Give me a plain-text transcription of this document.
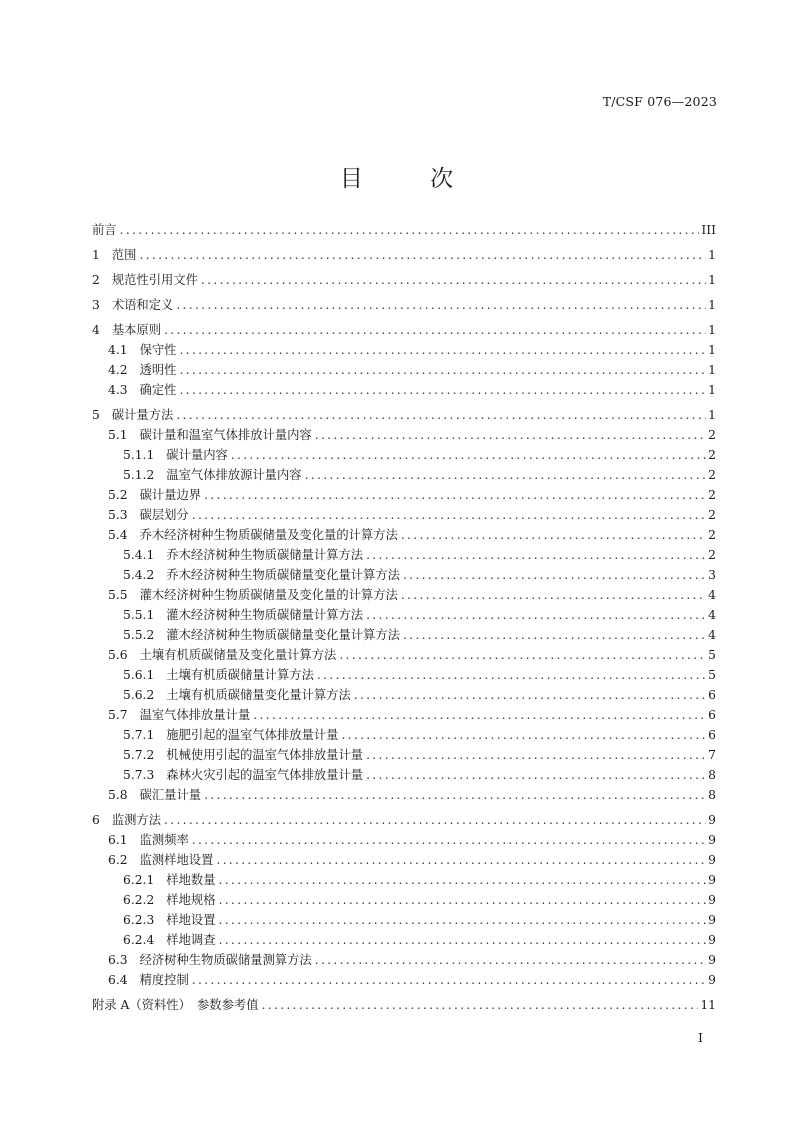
T/CSF 076—2023
目 次
前言 .....	III
1 范围 .....	1
2 规范性引用文件 .....	1
3 术语和定义 .....	1
4 基本原则 .....	1
4.1 保守性 .....	1
4.2 透明性 .....	1
4.3 确定性 .....	1
5 碳计量方法 .....	1
5.1 碳计量和温室气体排放计量内容 .....	2
5.1.1 碳计量内容 .....	2
5.1.2 温室气体排放源计量内容 .....	2
5.2 碳计量边界 .....	2
5.3 碳层划分 .....	2
5.4 乔木经济树种生物质碳储量及变化量的计算方法 .....	2
5.4.1 乔木经济树种生物质碳储量计算方法 .....	2
5.4.2 乔木经济树种生物质碳储量变化量计算方法 .....	3
5.5 灌木经济树种生物质碳储量及变化量的计算方法 .....	4
5.5.1 灌木经济树种生物质碳储量计算方法 .....	4
5.5.2 灌木经济树种生物质碳储量变化量计算方法 .....	4
5.6 土壤有机质碳储量及变化量计算方法 .....	5
5.6.1 土壤有机质碳储量计算方法 .....	5
5.6.2 土壤有机质碳储量变化量计算方法 .....	6
5.7 温室气体排放量计量 .....	6
5.7.1 施肥引起的温室气体排放量计量 .....	6
5.7.2 机械使用引起的温室气体排放量计量 .....	7
5.7.3 森林火灾引起的温室气体排放量计量 .....	8
5.8 碳汇量计量 .....	8
6 监测方法 .....	9
6.1 监测频率 .....	9
6.2 监测样地设置 .....	9
6.2.1 样地数量 .....	9
6.2.2 样地规格 .....	9
6.2.3 样地设置 .....	9
6.2.4 样地调查 .....	9
6.3 经济树种生物质碳储量测算方法 .....	9
6.4 精度控制 .....	9
附录 A（资料性）　参数参考值 .....	11
I
